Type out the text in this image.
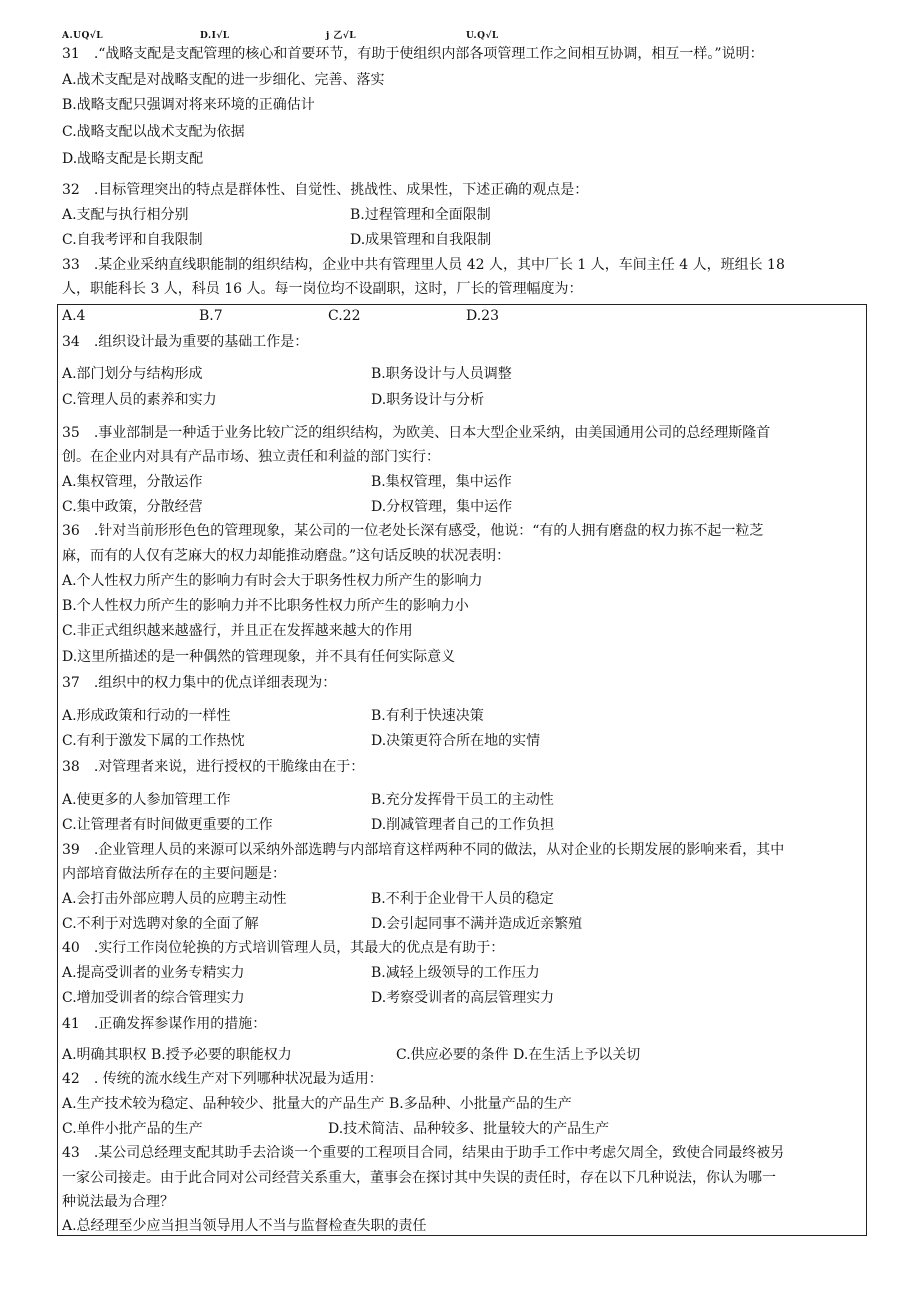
A.UQ√L	D.I√L	j 乙√L	U.Q√L
31　.“战略支配是支配管理的核心和首要环节，有助于使组织内部各项管理工作之间相互协调，相互一样。”说明：
A.战术支配是对战略支配的进一步细化、完善、落实
B.战略支配只强调对将来环境的正确估计
C.战略支配以战术支配为依据
D.战略支配是长期支配
32　.目标管理突出的特点是群体性、自觉性、挑战性、成果性，下述正确的观点是：
A.支配与执行相分别	B.过程管理和全面限制
C.自我考评和自我限制	D.成果管理和自我限制
33　.某企业采纳直线职能制的组织结构，企业中共有管理里人员 42 人，其中厂长 1 人，车间主任 4 人，班组长 18
人，职能科长 3 人，科员 16 人。每一岗位均不设副职，这时，厂长的管理幅度为：
A.4	B.7	C.22	D.23
34　.组织设计最为重要的基础工作是：
A.部门划分与结构形成	B.职务设计与人员调整
C.管理人员的素养和实力	D.职务设计与分析
35　.事业部制是一种适于业务比较广泛的组织结构，为欧美、日本大型企业采纳，由美国通用公司的总经理斯隆首
创。在企业内对具有产品市场、独立责任和利益的部门实行：
A.集权管理，分散运作	B.集权管理，集中运作
C.集中政策，分散经营	D.分权管理，集中运作
36　.针对当前形形色色的管理现象，某公司的一位老处长深有感受，他说：“有的人拥有磨盘的权力拣不起一粒芝
麻，而有的人仅有芝麻大的权力却能推动磨盘。”这句话反映的状况表明：
A.个人性权力所产生的影响力有时会大于职务性权力所产生的影响力
B.个人性权力所产生的影响力并不比职务性权力所产生的影响力小
C.非正式组织越来越盛行，并且正在发挥越来越大的作用
D.这里所描述的是一种偶然的管理现象，并不具有任何实际意义
37　.组织中的权力集中的优点详细表现为：
A.形成政策和行动的一样性	B.有利于快速决策
C.有利于激发下属的工作热忱	D.决策更符合所在地的实情
38　.对管理者来说，进行授权的干脆缘由在于：
A.使更多的人参加管理工作	B.充分发挥骨干员工的主动性
C.让管理者有时间做更重要的工作	D.削减管理者自己的工作负担
39　.企业管理人员的来源可以采纳外部选聘与内部培育这样两种不同的做法，从对企业的长期发展的影响来看，其中
内部培育做法所存在的主要问题是：
A.会打击外部应聘人员的应聘主动性	B.不利于企业骨干人员的稳定
C.不利于对选聘对象的全面了解	D.会引起同事不满并造成近亲繁殖
40　.实行工作岗位轮换的方式培训管理人员，其最大的优点是有助于：
A.提高受训者的业务专精实力	B.减轻上级领导的工作压力
C.增加受训者的综合管理实力	D.考察受训者的高层管理实力
41　.正确发挥参谋作用的措施：
A.明确其职权 B.授予必要的职能权力	C.供应必要的条件 D.在生活上予以关切
42　. 传统的流水线生产对下列哪种状况最为适用：
A.生产技术较为稳定、品种较少、批量大的产品生产 B.多品种、小批量产品的生产
C.单件小批产品的生产	D.技术简洁、品种较多、批量较大的产品生产
43　.某公司总经理支配其助手去洽谈一个重要的工程项目合同，结果由于助手工作中考虑欠周全，致使合同最终被另
一家公司接走。由于此合同对公司经营关系重大，董事会在探讨其中失误的责任时，存在以下几种说法，你认为哪一
种说法最为合理？
A.总经理至少应当担当领导用人不当与监督检查失职的责任
